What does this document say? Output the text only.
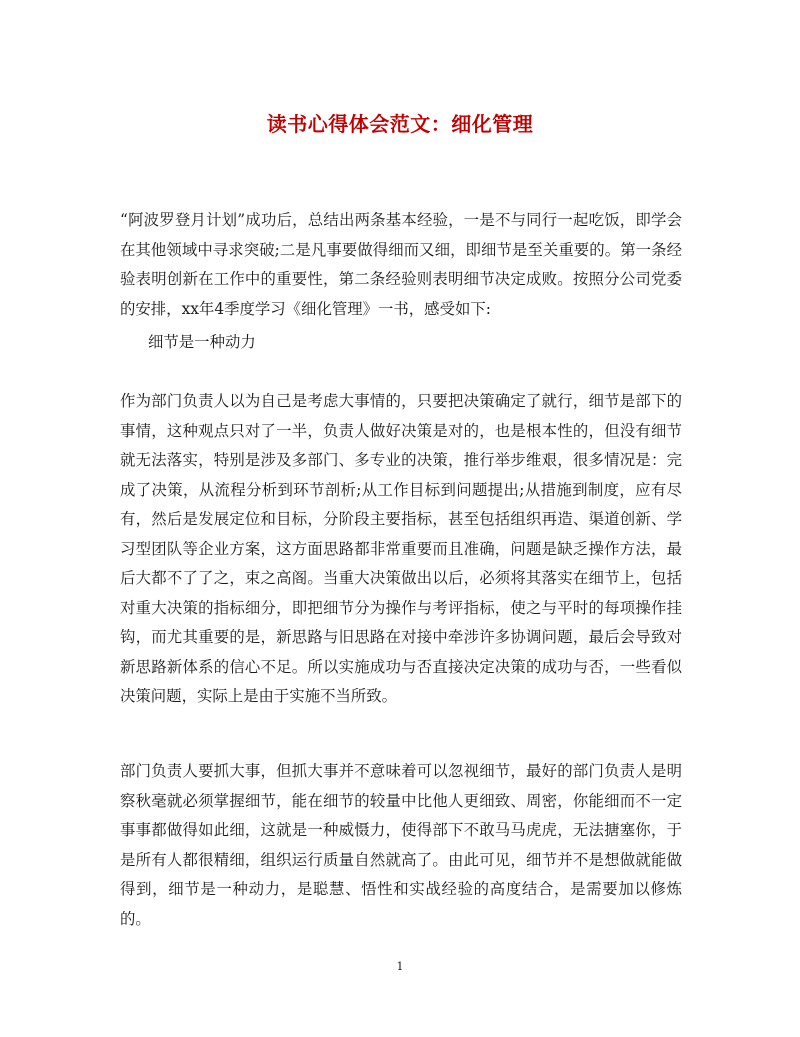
读书心得体会范文：细化管理

“阿波罗登月计划”成功后，总结出两条基本经验，一是不与同行一起吃饭，即学会在其他领域中寻求突破;二是凡事要做得细而又细，即细节是至关重要的。第一条经验表明创新在工作中的重要性，第二条经验则表明细节决定成败。按照分公司党委的安排，xx年4季度学习《细化管理》一书，感受如下:

细节是一种动力

作为部门负责人以为自己是考虑大事情的，只要把决策确定了就行，细节是部下的事情，这种观点只对了一半，负责人做好决策是对的，也是根本性的，但没有细节就无法落实，特别是涉及多部门、多专业的决策，推行举步维艰，很多情况是：完成了决策，从流程分析到环节剖析;从工作目标到问题提出;从措施到制度，应有尽有，然后是发展定位和目标，分阶段主要指标，甚至包括组织再造、渠道创新、学习型团队等企业方案，这方面思路都非常重要而且准确，问题是缺乏操作方法，最后大都不了了之，束之高阁。当重大决策做出以后，必须将其落实在细节上，包括对重大决策的指标细分，即把细节分为操作与考评指标，使之与平时的每项操作挂钩，而尤其重要的是，新思路与旧思路在对接中牵涉许多协调问题，最后会导致对新思路新体系的信心不足。所以实施成功与否直接决定决策的成功与否，一些看似决策问题，实际上是由于实施不当所致。

部门负责人要抓大事，但抓大事并不意味着可以忽视细节，最好的部门负责人是明察秋毫就必须掌握细节，能在细节的较量中比他人更细致、周密，你能细而不一定事事都做得如此细，这就是一种威慑力，使得部下不敢马马虎虎，无法搪塞你，于是所有人都很精细，组织运行质量自然就高了。由此可见，细节并不是想做就能做得到，细节是一种动力，是聪慧、悟性和实战经验的高度结合，是需要加以修炼的。

1
